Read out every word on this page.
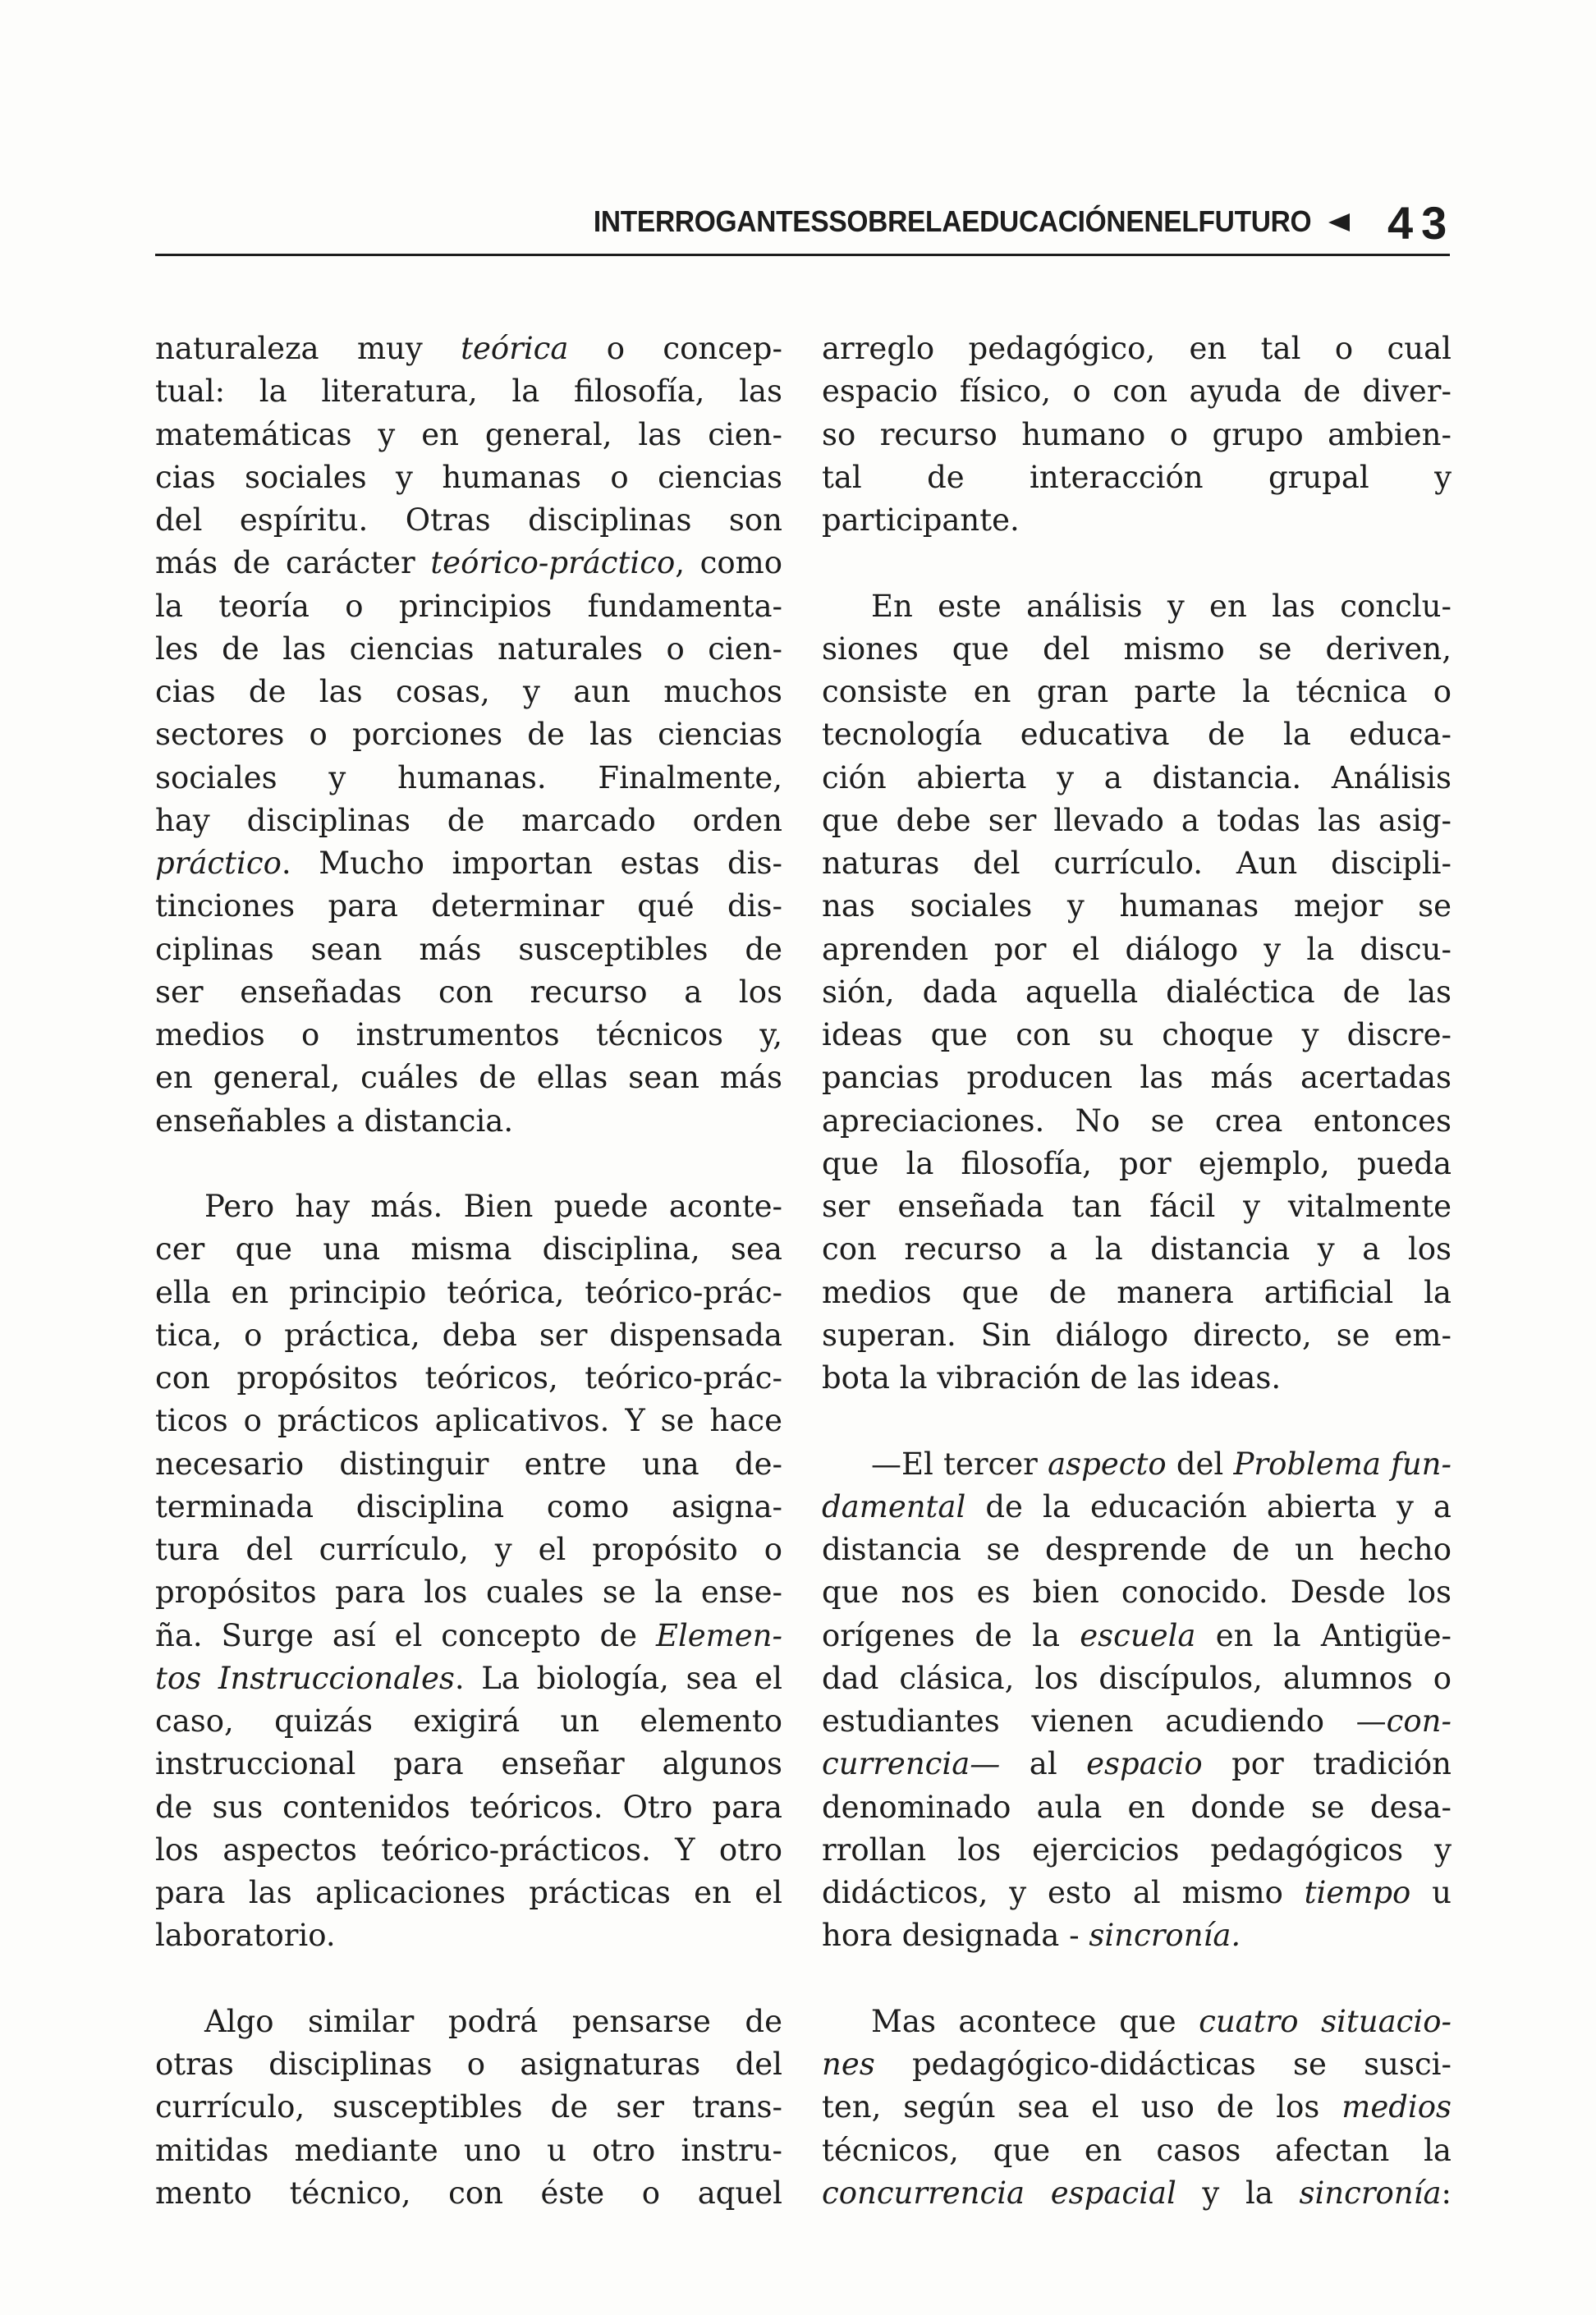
INTERROGANTESSOBRELAEDUCACIÓNENELFUTURO 43
naturaleza muy teórica o concep-
tual: la literatura, la filosofía, las
matemáticas y en general, las cien-
cias sociales y humanas o ciencias
del espíritu. Otras disciplinas son
más de carácter teórico-práctico, como
la teoría o principios fundamenta-
les de las ciencias naturales o cien-
cias de las cosas, y aun muchos
sectores o porciones de las ciencias
sociales y humanas. Finalmente,
hay disciplinas de marcado orden
práctico. Mucho importan estas dis-
tinciones para determinar qué dis-
ciplinas sean más susceptibles de
ser enseñadas con recurso a los
medios o instrumentos técnicos y,
en general, cuáles de ellas sean más
enseñables a distancia.
Pero hay más. Bien puede aconte-
cer que una misma disciplina, sea
ella en principio teórica, teórico-prác-
tica, o práctica, deba ser dispensada
con propósitos teóricos, teórico-prác-
ticos o prácticos aplicativos. Y se hace
necesario distinguir entre una de-
terminada disciplina como asigna-
tura del currículo, y el propósito o
propósitos para los cuales se la ense-
ña. Surge así el concepto de Elemen-
tos Instruccionales. La biología, sea el
caso, quizás exigirá un elemento
instruccional para enseñar algunos
de sus contenidos teóricos. Otro para
los aspectos teórico-prácticos. Y otro
para las aplicaciones prácticas en el
laboratorio.
Algo similar podrá pensarse de
otras disciplinas o asignaturas del
currículo, susceptibles de ser trans-
mitidas mediante uno u otro instru-
mento técnico, con éste o aquel
arreglo pedagógico, en tal o cual
espacio físico, o con ayuda de diver-
so recurso humano o grupo ambien-
tal de interacción grupal y
participante.
En este análisis y en las conclu-
siones que del mismo se deriven,
consiste en gran parte la técnica o
tecnología educativa de la educa-
ción abierta y a distancia. Análisis
que debe ser llevado a todas las asig-
naturas del currículo. Aun discipli-
nas sociales y humanas mejor se
aprenden por el diálogo y la discu-
sión, dada aquella dialéctica de las
ideas que con su choque y discre-
pancias producen las más acertadas
apreciaciones. No se crea entonces
que la filosofía, por ejemplo, pueda
ser enseñada tan fácil y vitalmente
con recurso a la distancia y a los
medios que de manera artificial la
superan. Sin diálogo directo, se em-
bota la vibración de las ideas.
—El tercer aspecto del Problema fun-
damental de la educación abierta y a
distancia se desprende de un hecho
que nos es bien conocido. Desde los
orígenes de la escuela en la Antigüe-
dad clásica, los discípulos, alumnos o
estudiantes vienen acudiendo —con-
currencia— al espacio por tradición
denominado aula en donde se desa-
rrollan los ejercicios pedagógicos y
didácticos, y esto al mismo tiempo u
hora designada - sincronía.
Mas acontece que cuatro situacio-
nes pedagógico-didácticas se susci-
ten, según sea el uso de los medios
técnicos, que en casos afectan la
concurrencia espacial y la sincronía:
